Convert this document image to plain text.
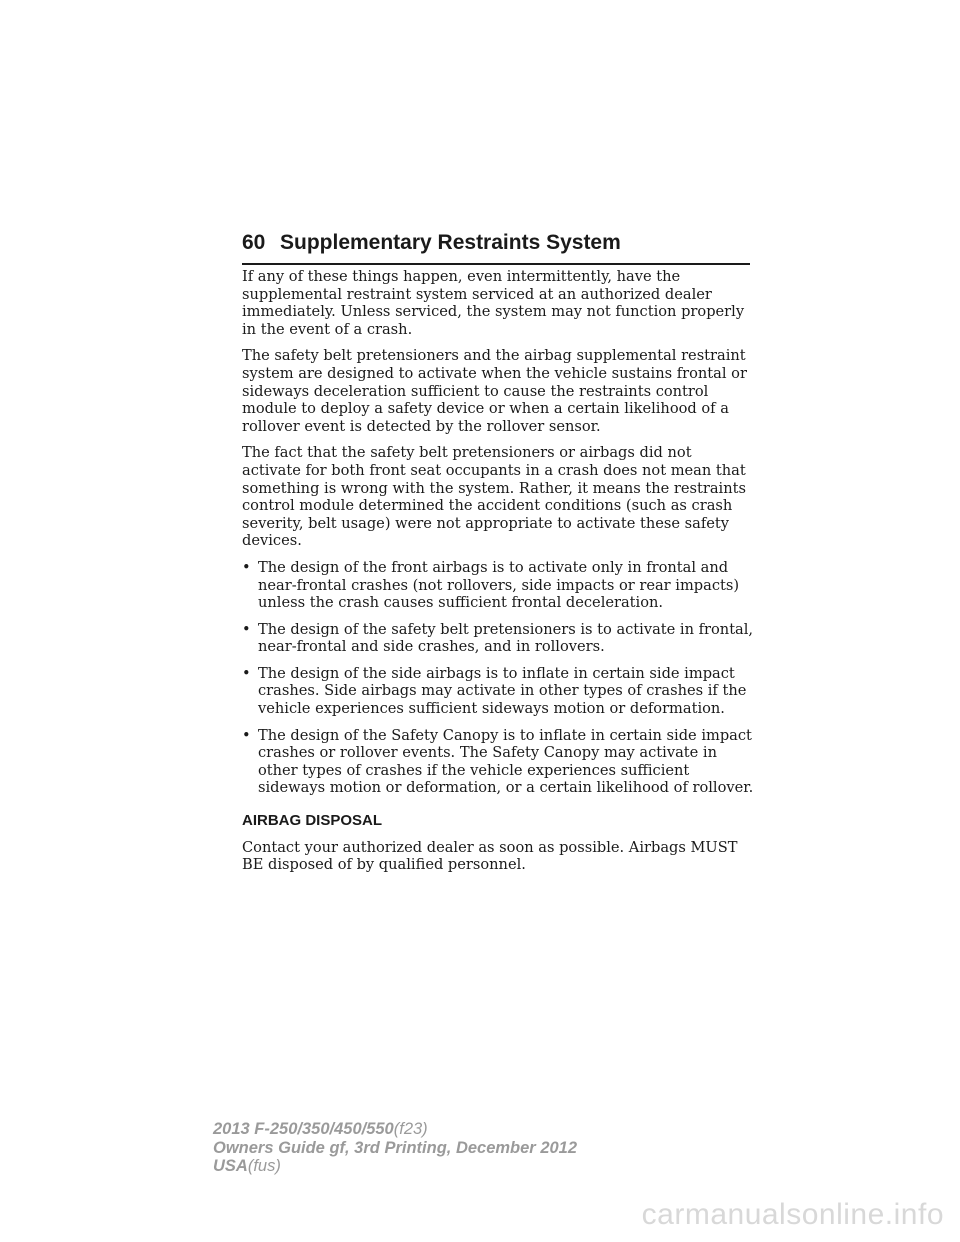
60 Supplementary Restraints System

If any of these things happen, even intermittently, have the supplemental restraint system serviced at an authorized dealer immediately. Unless serviced, the system may not function properly in the event of a crash.

The safety belt pretensioners and the airbag supplemental restraint system are designed to activate when the vehicle sustains frontal or sideways deceleration sufficient to cause the restraints control module to deploy a safety device or when a certain likelihood of a rollover event is detected by the rollover sensor.

The fact that the safety belt pretensioners or airbags did not activate for both front seat occupants in a crash does not mean that something is wrong with the system. Rather, it means the restraints control module determined the accident conditions (such as crash severity, belt usage) were not appropriate to activate these safety devices.

• The design of the front airbags is to activate only in frontal and near-frontal crashes (not rollovers, side impacts or rear impacts) unless the crash causes sufficient frontal deceleration.
• The design of the safety belt pretensioners is to activate in frontal, near-frontal and side crashes, and in rollovers.
• The design of the side airbags is to inflate in certain side impact crashes. Side airbags may activate in other types of crashes if the vehicle experiences sufficient sideways motion or deformation.
• The design of the Safety Canopy is to inflate in certain side impact crashes or rollover events. The Safety Canopy may activate in other types of crashes if the vehicle experiences sufficient sideways motion or deformation, or a certain likelihood of rollover.
AIRBAG DISPOSAL

Contact your authorized dealer as soon as possible. Airbags MUST BE disposed of by qualified personnel.

2013 F-250/350/450/550(f23)
Owners Guide gf, 3rd Printing, December 2012
USA(fus)
carmanualsonline.info
